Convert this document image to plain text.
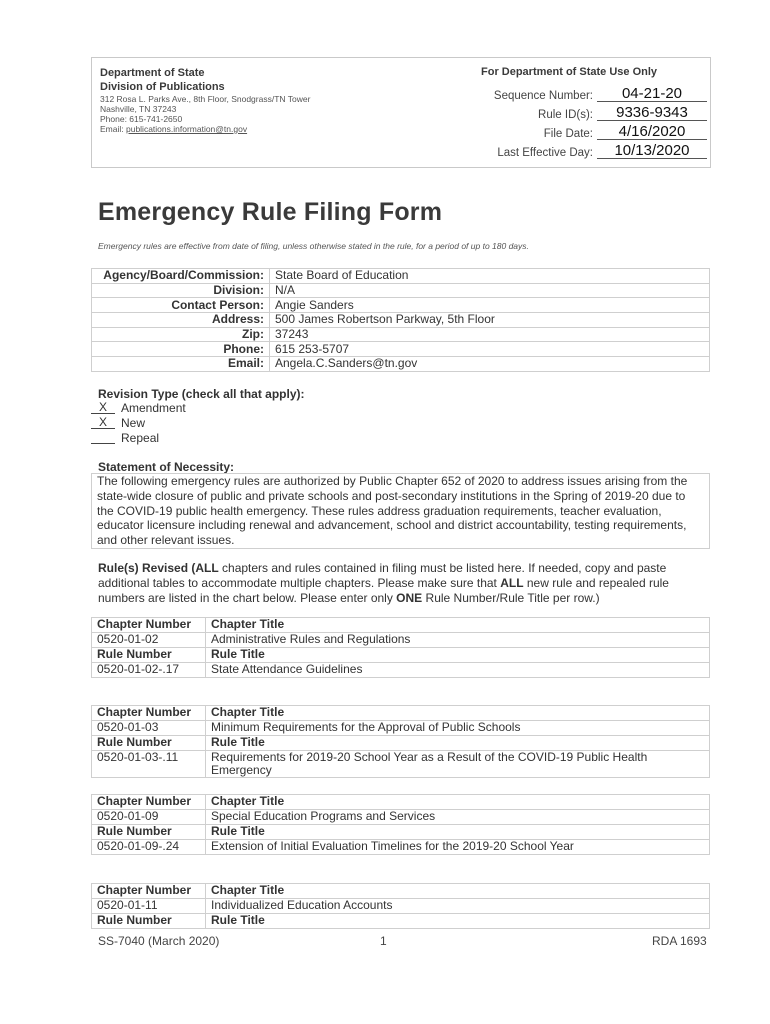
Department of State
Division of Publications
312 Rosa L. Parks Ave., 8th Floor, Snodgrass/TN Tower
Nashville, TN 37243
Phone: 615-741-2650
Email: publications.information@tn.gov
For Department of State Use Only
Sequence Number:	04-21-20
Rule ID(s):	9336-9343
File Date:	4/16/2020
Last Effective Day:	10/13/2020
Emergency Rule Filing Form
Emergency rules are effective from date of filing, unless otherwise stated in the rule, for a period of up to 180 days.
Agency/Board/Commission:	State Board of Education
Division:	N/A
Contact Person:	Angie Sanders
Address:	500 James Robertson Parkway, 5th Floor
Zip:	37243
Phone:	615 253-5707
Email:	Angela.C.Sanders@tn.gov
Revision Type (check all that apply):
X	Amendment
X	New
Repeal
Statement of Necessity:
The following emergency rules are authorized by Public Chapter 652 of 2020 to address issues arising from the state-wide closure of public and private schools and post-secondary institutions in the Spring of 2019-20 due to the COVID-19 public health emergency. These rules address graduation requirements, teacher evaluation, educator licensure including renewal and advancement, school and district accountability, testing requirements, and other relevant issues.
Rule(s) Revised (ALL chapters and rules contained in filing must be listed here. If needed, copy and paste additional tables to accommodate multiple chapters. Please make sure that ALL new rule and repealed rule numbers are listed in the chart below. Please enter only ONE Rule Number/Rule Title per row.)
Chapter Number	Chapter Title
0520-01-02	Administrative Rules and Regulations
Rule Number	Rule Title
0520-01-02-.17	State Attendance Guidelines
Chapter Number	Chapter Title
0520-01-03	Minimum Requirements for the Approval of Public Schools
Rule Number	Rule Title
0520-01-03-.11	Requirements for 2019-20 School Year as a Result of the COVID-19 Public Health Emergency
Chapter Number	Chapter Title
0520-01-09	Special Education Programs and Services
Rule Number	Rule Title
0520-01-09-.24	Extension of Initial Evaluation Timelines for the 2019-20 School Year
Chapter Number	Chapter Title
0520-01-11	Individualized Education Accounts
Rule Number	Rule Title
SS-7040 (March 2020)	1	RDA 1693
